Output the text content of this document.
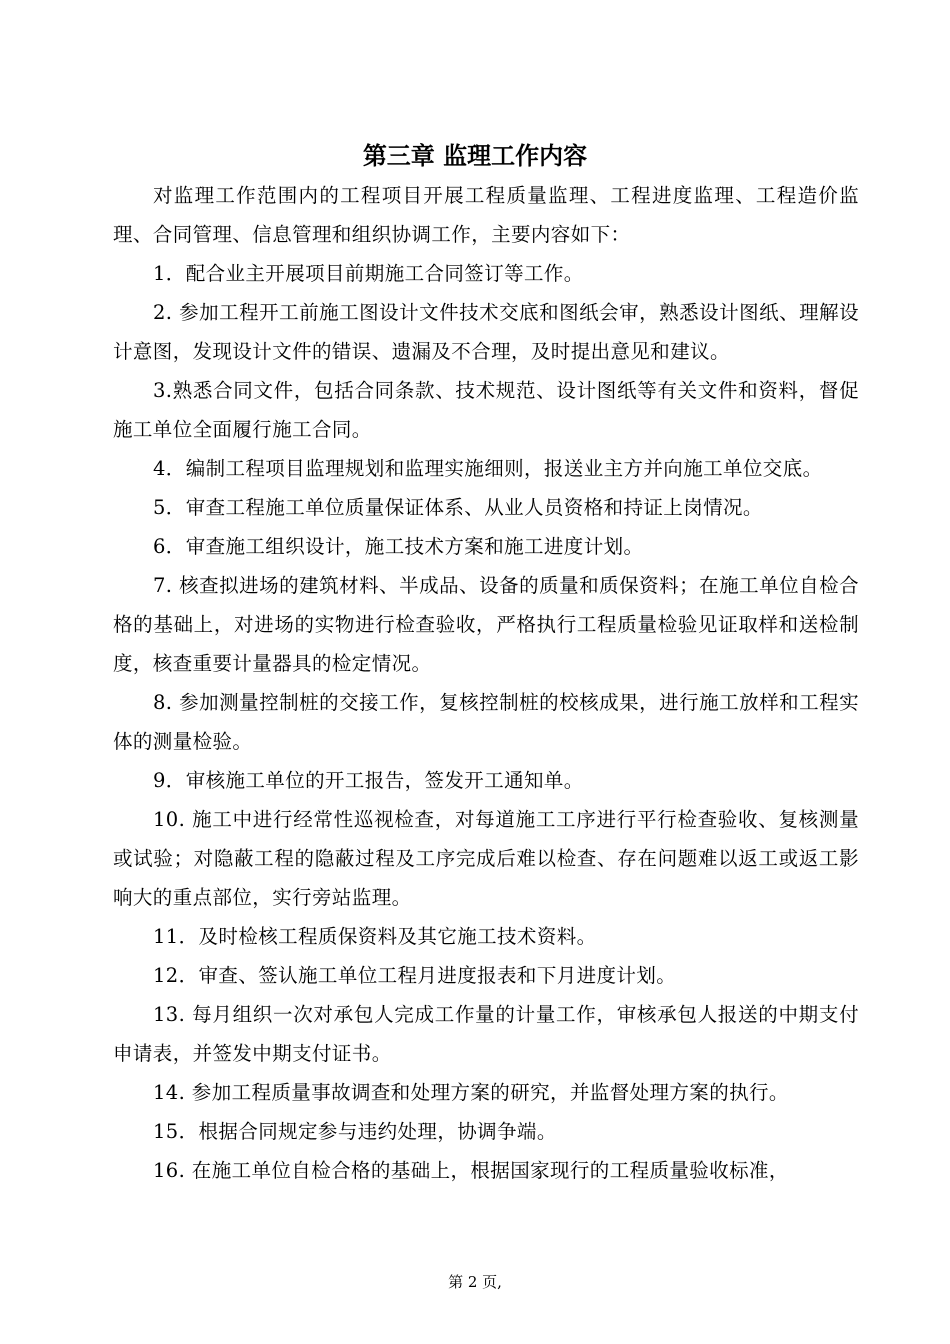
第三章 监理工作内容

对监理工作范围内的工程项目开展工程质量监理、工程进度监理、工程造价监理、合同管理、信息管理和组织协调工作，主要内容如下：

1．配合业主开展项目前期施工合同签订等工作。

2. 参加工程开工前施工图设计文件技术交底和图纸会审，熟悉设计图纸、理解设计意图，发现设计文件的错误、遗漏及不合理，及时提出意见和建议。

3.熟悉合同文件，包括合同条款、技术规范、设计图纸等有关文件和资料，督促施工单位全面履行施工合同。

4．编制工程项目监理规划和监理实施细则，报送业主方并向施工单位交底。

5．审查工程施工单位质量保证体系、从业人员资格和持证上岗情况。

6．审查施工组织设计，施工技术方案和施工进度计划。

7. 核查拟进场的建筑材料、半成品、设备的质量和质保资料；在施工单位自检合格的基础上，对进场的实物进行检查验收，严格执行工程质量检验见证取样和送检制度，核查重要计量器具的检定情况。

8. 参加测量控制桩的交接工作，复核控制桩的校核成果，进行施工放样和工程实体的测量检验。

9．审核施工单位的开工报告，签发开工通知单。

10. 施工中进行经常性巡视检查，对每道施工工序进行平行检查验收、复核测量或试验；对隐蔽工程的隐蔽过程及工序完成后难以检查、存在问题难以返工或返工影响大的重点部位，实行旁站监理。

11．及时检核工程质保资料及其它施工技术资料。

12．审查、签认施工单位工程月进度报表和下月进度计划。

13. 每月组织一次对承包人完成工作量的计量工作，审核承包人报送的中期支付申请表，并签发中期支付证书。

14. 参加工程质量事故调查和处理方案的研究，并监督处理方案的执行。

15．根据合同规定参与违约处理，协调争端。

16. 在施工单位自检合格的基础上，根据国家现行的工程质量验收标准，

第 2 页,
